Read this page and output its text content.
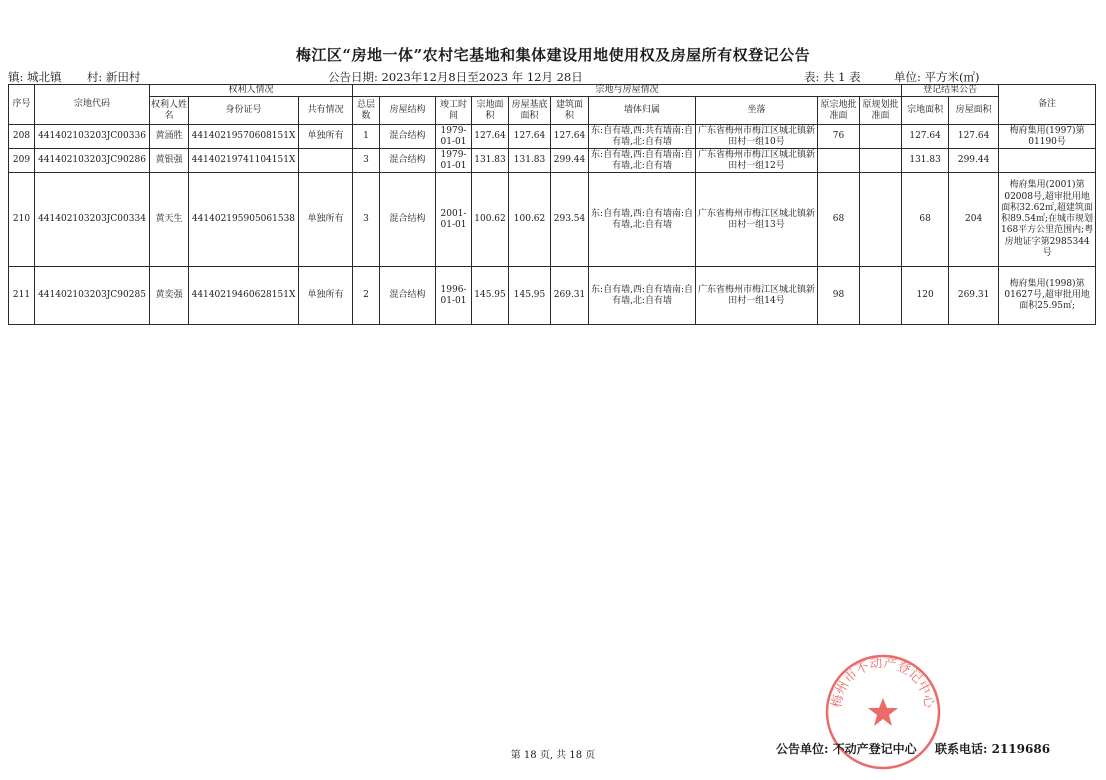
梅江区“房地一体”农村宅基地和集体建设用地使用权及房屋所有权登记公告
镇: 城北镇 村: 新田村	公告日期: 2023年12月8日至2023 年 12月 28日	表: 共 1 表	单位: 平方米(㎡)
序号	宗地代码	权利人情况			宗地与房屋情况										登记结果公告		备注
		权利人姓名	身份证号	共有情况	总层数	房屋结构	竣工时间	宗地面积	房屋基底面积	建筑面积	墙体归属	坐落	原宗地批准面	原规划批准面	宗地面积	房屋面积	
208	441402103203JC00336	黄涌胜	44140219570608151X	单独所有	1	混合结构	1979-01-01	127.64	127.64	127.64	东:自有墙,西:共有墙南:自有墙,北:自有墙	广东省梅州市梅江区城北镇新田村一组10号	76		127.64	127.64	梅府集用(1997)第01190号
209	441402103203JC90286	黄银强	44140219741104151X		3	混合结构	1979-01-01	131.83	131.83	299.44	东:自有墙,西:自有墙南:自有墙,北:自有墙	广东省梅州市梅江区城北镇新田村一组12号			131.83	299.44	
210	441402103203JC00334	黄天生	441402195905061538	单独所有	3	混合结构	2001-01-01	100.62	100.62	293.54	东:自有墙,西:自有墙南:自有墙,北:自有墙	广东省梅州市梅江区城北镇新田村一组13号	68		68	204	梅府集用(2001)第02008号,超审批用地面积32.62㎡,超建筑面积89.54㎡;在城市规划168平方公里范围内;粤房地证字第2985344号
211	441402103203JC90285	黄奕强	44140219460628151X	单独所有	2	混合结构	1996-01-01	145.95	145.95	269.31	东:自有墙,西:自有墙南:自有墙,北:自有墙	广东省梅州市梅江区城北镇新田村一组14号	98		120	269.31	梅府集用(1998)第01627号,超审批用地面积25.95㎡;
梅州市不动产登记中心
第 18 页, 共 18 页	公告单位: 不动产登记中心 联系电话: 2119686
